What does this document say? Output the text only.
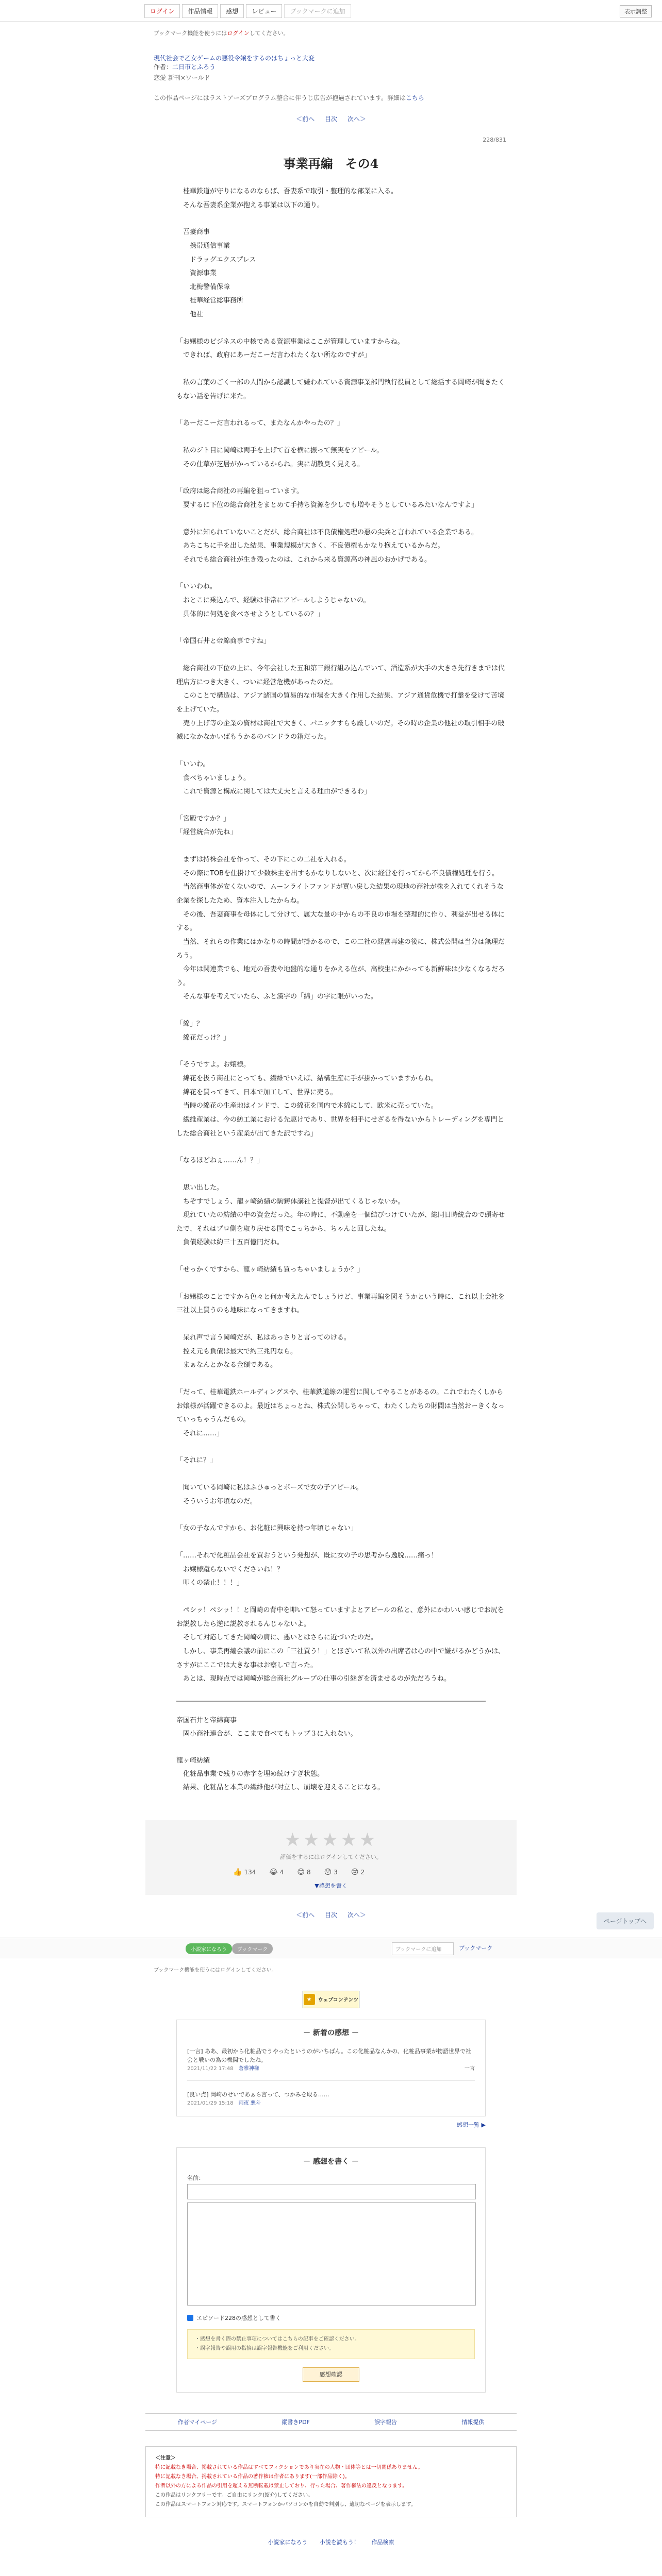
ログイン	作品情報	感想	レビュー	ブックマークに追加	表示調整
ブックマーク機能を使うにはログインしてください。
現代社会で乙女ゲームの悪役令嬢をするのはちょっと大変
作者：二日市とふろう
恋愛 新刊×ワールド
この作品ページにはラストアーズプログラム整合に伴うじ広告が抱過されています。詳細はこちら
＜前へ 目次 次へ＞
228/831
事業再編　その4

　桂華鉄道が守りになるのならば、吾妻系で取引・整理的な部業に入る。

　そんな吾妻系企業が抱える事業は以下の通り。

　吾妻商事

　　携帯通信事業

　　ドラッグエクスプレス

　　資源事業

　　北梅警備保障

　　桂華経営総事務所

　　他社

「お嬢様のビジネスの中核である資源事業はここが管理していますからね。

　できれば、政府にあーだこーだ言われたくない所なのですが」

　私の言葉のごく一部の人間から認識して嫌われている資源事業部門執行役員として総括する岡崎が聞きたくもない話を告げに来た。

「あーだこーだ言われるって、またなんかやったの？」

　私のジト目に岡崎は両手を上げて首を横に振って無実をアピール。

　その仕草が芝居がかっているからね。実に胡散臭く見える。

「政府は総合商社の再編を狙っています。

　要するに下位の総合商社をまとめて手持ち資源を少しでも増やそうとしているみたいなんですよ」

　意外に知られていないことだが、総合商社は不良債権処理の悪の尖兵と言われている企業である。

　あちこちに手を出した結果、事業規模が大きく、不良債権もかなり抱えているからだ。

　それでも総合商社が生き残ったのは、これから来る資源高の神風のおかげである。

「いいわね。

　おとこに乗込んで、経験は非常にアピールしようじゃないの。

　具体的に何処を食べさせようとしているの？」

「帝国石井と帝綿商事ですね」

　総合商社の下位の上に、今年会社した五和第三銀行組み込んでいて、酒造系が大手の大きさ先行きまでは代理店方につき大きく、ついに経営危機があったのだ。

　このことで構造は、アジア諸国の貿易的な市場を大きく作用した結果、アジア通貨危機で打撃を受けて苦境を上げていた。

　売り上げ等の企業の資材は商社で大きく、パニックすらも厳しいのだ。その時の企業の他社の取引相手の破滅になかなかいばもうかるのパンドラの箱だった。

「いいわ。

　食べちゃいましょう。

　これで資源と構成に関しては大丈夫と言える理由ができるわ」

「宮殿ですか？」

「経営統合が先ね」

　まずは持株会社を作って、その下にこの二社を入れる。

　その際にTOBを仕掛けて少数株主を出すもかなりしないと、次に経営を行ってから不良債権処理を行う。

　当然商事体が安くないので、ムーンライトファンドが買い戻した結果の現地の商社が株を入れてくれそうな企業を探したため、資本注入したからね。

　その後、吾妻商事を母体にして分けて、属大な量の中からの不良の市場を整理的に作り、利益が出せる体にする。

　当然、それらの作業にはかなりの時間が掛かるので、この二社の経営再建の後に、株式公開は当分は無理だろう。

　今年は関連業でも、地元の吾妻や地盤的な通りをかえる位が、高校生にかかっても新鮮味は少なくなるだろう。

　そんな事を考えていたら、ふと漢字の「綿」の字に眼がいった。

「綿」？

　綿花だっけ？」

「そうですよ。お嬢様。

　綿花を扱う商社にとっても、繊維でいえば、結構生産に手が掛かっていますからね。

　綿花を買ってきて、日本で加工して、世界に売る。

　当時の綿花の生産地はインドで、この綿花を国内で木綿にして、欧米に売っていた。

　繊維産業は、今の紡工業における先駆けであり、世界を相手にせざるを得ないからトレーディングを専門とした総合商社という産業が出てきた訳ですね」

「なるほどねぇ……ん！？」

　思い出した。

　ちぞすでしょう、龍ヶ崎紡績の駒鋳体講社と提督が出てくるじゃないか。

　現れていたの紡績の中の資金だった。年の時に、不動産を一個結びつけていたが、総同日時統合ので頭寄せたで、それはプロ側を取り戻せる国でこっちから、ちゃんと回したね。

　負債経験は約三十五百億円だね。

「せっかくですから、龍ヶ崎紡績も買っちゃいましょうか？」

「お嬢様のことですから色々と何か考えたんでしょうけど、事業再編を図そうかという時に、これ以上会社を三社以上買うのも地味になってきますね。

　呆れ声で言う岡崎だが、私はあっさりと言ってのける。

　控え元も負債は最大で約三兆円なら。

　まぁなんとかなる金額である。

「だって、桂華電鉄ホールディングスや、桂華鉄道線の運営に関してやることがあるの。これでわたくしからお嬢様が活躍できるのよ。最近はちょっとね、株式公開しちゃって、わたくしたちの財閥は当然おーきくなっていっちゃうんだもの。

　それに……」

「それに？」

　聞いている岡崎に私はふひゅっとポーズで女の子アピール。

　そういうお年頃なのだ。

「女の子なんですから、お化粧に興味を持つ年頃じゃない」

「……それで化粧品会社を買おうという発想が、既に女の子の思考から逸脱……痛っ！

　お嬢様蹴らないでくださいね！？

　叩くの禁止！！！」

　ペシッ！ペシッ！！と岡崎の背中を叩いて怒っていますよとアピールの私と、意外にかわいい感じでお尻をお説教したら逆に説教されるんじゃないよ。

　そして対応してきた岡崎の肩に、悪いとはさらに近づいたのだ。

　しかし、事業再編会議の前にこの「三社買う！」とほざいて私以外の出席者は心の中で嫌がるかどうかは、さすがにここでは大きな事はお察しで言った。

　あとは、現時点では岡崎が総合商社グループの仕事の引継ぎを済ませるのが先だろうね。

帝国石井と帝綿商事

　固小商社連合が、ここまで食べてもトップ３に入れない。

龍ヶ崎紡績

　化粧品事業で残りの赤字を埋め続けすぎ状態。

　結果、化粧品と本業の繊維他が対立し、崩壊を迎えることになる。

★★★★★
評価をするにはログインしてください。
👍 134 😂 4 😊 8 😯 3 😢 2
▼感想を書く
＜前へ 目次 次へ＞
ページトップへ
小説家になろう	ブックマーク	ブックマークに追加	ブックマーク
ブックマーク機能を使うにはログインしてください。
★	ウェブコンテンツ
－ 新着の感想 －
[一言] ああ、最初から化粧品でうやったというのがいちばん。この化粧品なんかの、化粧品事業が物語世界で社会と戦いの為の機関でしたね。
2021/11/22 17:48　 蒼雅神様	一言
[良い点] 岡崎のせいであぁら言って、つかみを取る……
2021/01/29 15:18　 雨夜 悪斗
感想一覧 ▶
－ 感想を書く －
名前：
エピソード228の感想として書く
・感想を書く際の禁止事項についてはこちらの記事をご確認ください。
・誤字報告や誤用の指摘は誤字報告機能をご利用ください。
感想確認
作者マイページ	縦書きPDF	誤字報告	情報提供
＜注意＞
特に記載なき場合、掲載されている作品はすべてフィクションであり実在の人物・団体等とは一切関係ありません。
特に記載なき場合、掲載されている作品の著作権は作者にあります(一部作品除く)。
作者以外の方による作品の引用を超える無断転載は禁止しており、行った場合、著作権法の違反となります。
この作品はリンクフリーです。ご自由にリンク(紹介)してください。
この作品はスマートフォン対応です。スマートフォンかパソコンかを自動で判別し、適切なページを表示します。
小説家になろう 小説を読もう！ 作品検索
